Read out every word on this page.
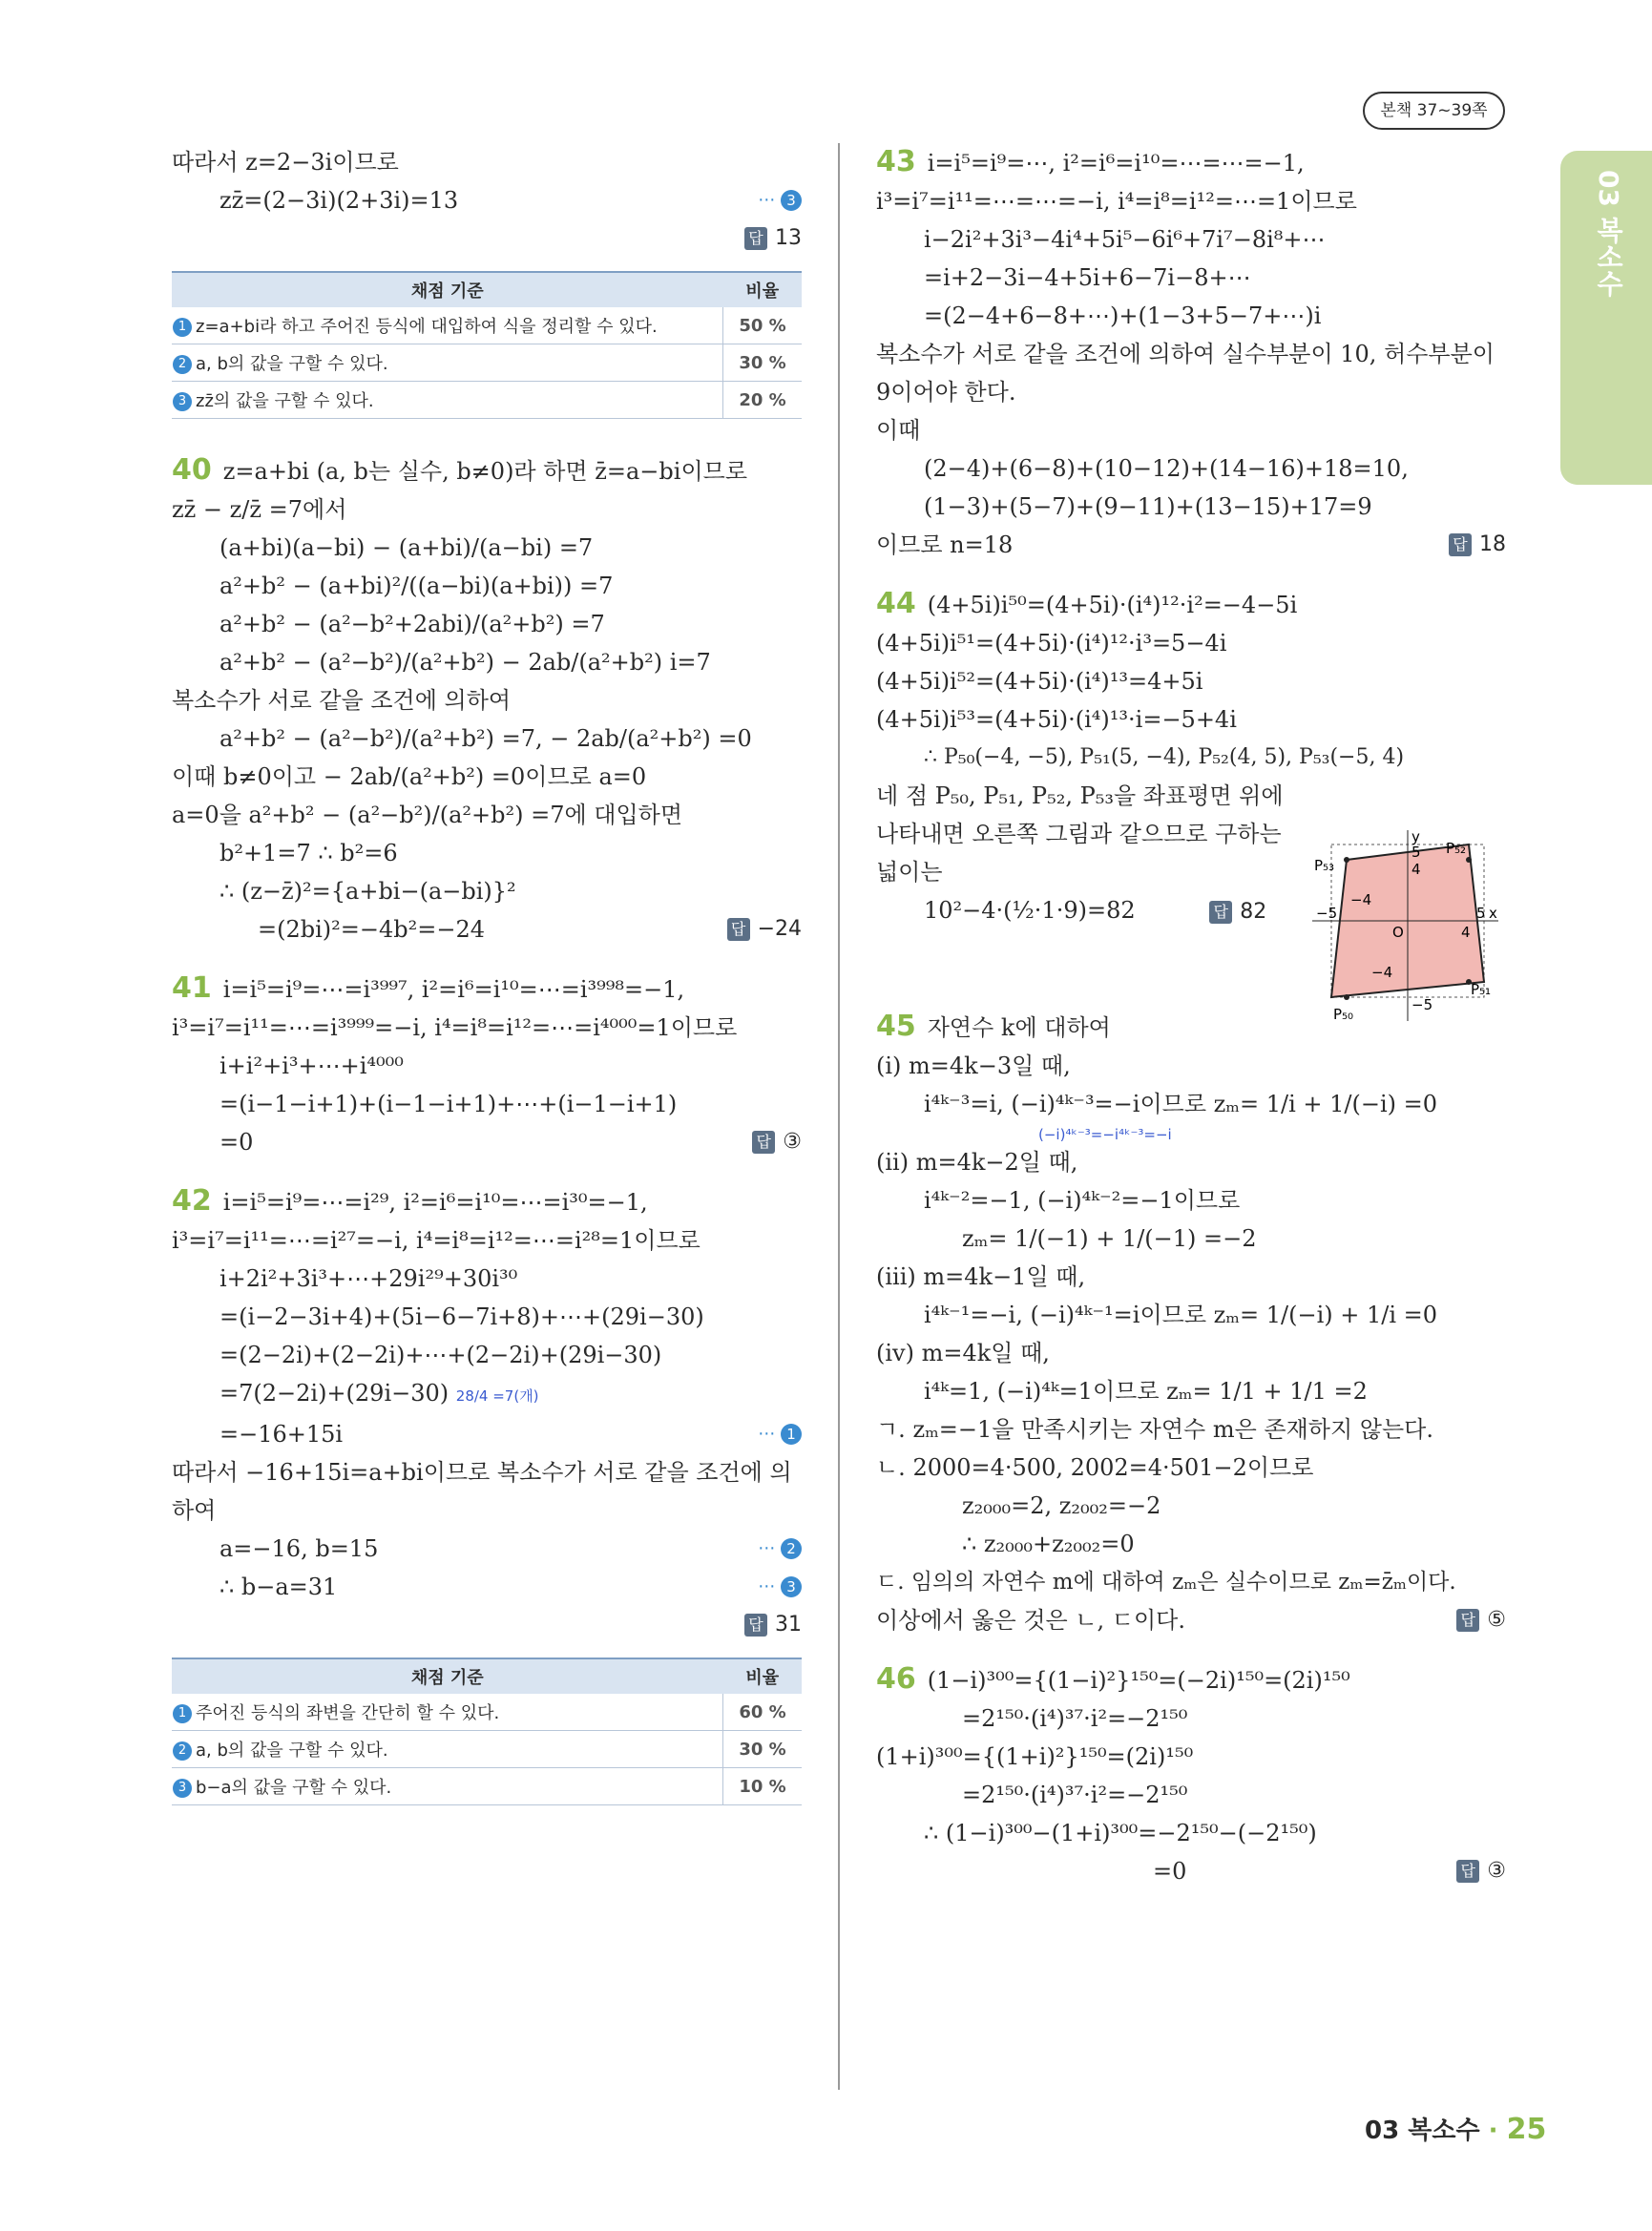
본책 37~39쪽
03 복소수
따라서 z=2−3i이므로
zz̄=(2−3i)(2+3i)=13	⋯ 3
답 13
채점 기준	비율
1 z=a+bi라 하고 주어진 등식에 대입하여 식을 정리할 수 있다.	50 %
2 a, b의 값을 구할 수 있다.	30 %
3 zz̄의 값을 구할 수 있다.	20 %
40 z=a+bi (a, b는 실수, b≠0)라 하면 z̄=a−bi이므로
zz̄ − z/z̄ =7에서
(a+bi)(a−bi) − (a+bi)/(a−bi) =7
a²+b² − (a+bi)²/((a−bi)(a+bi)) =7
a²+b² − (a²−b²+2abi)/(a²+b²) =7
a²+b² − (a²−b²)/(a²+b²) − 2ab/(a²+b²) i=7
복소수가 서로 같을 조건에 의하여
a²+b² − (a²−b²)/(a²+b²) =7, − 2ab/(a²+b²) =0
이때 b≠0이고 − 2ab/(a²+b²) =0이므로 a=0
a=0을 a²+b² − (a²−b²)/(a²+b²) =7에 대입하면
b²+1=7 ∴ b²=6
∴ (z−z̄)²={a+bi−(a−bi)}²
=(2bi)²=−4b²=−24	답 −24
41 i=i⁵=i⁹=⋯=i³⁹⁹⁷, i²=i⁶=i¹⁰=⋯=i³⁹⁹⁸=−1,
i³=i⁷=i¹¹=⋯=i³⁹⁹⁹=−i, i⁴=i⁸=i¹²=⋯=i⁴⁰⁰⁰=1이므로
i+i²+i³+⋯+i⁴⁰⁰⁰
=(i−1−i+1)+(i−1−i+1)+⋯+(i−1−i+1)
=0	답 ③
42 i=i⁵=i⁹=⋯=i²⁹, i²=i⁶=i¹⁰=⋯=i³⁰=−1,
i³=i⁷=i¹¹=⋯=i²⁷=−i, i⁴=i⁸=i¹²=⋯=i²⁸=1이므로
i+2i²+3i³+⋯+29i²⁹+30i³⁰
=(i−2−3i+4)+(5i−6−7i+8)+⋯+(29i−30)
=(2−2i)+(2−2i)+⋯+(2−2i)+(29i−30)
=7(2−2i)+(29i−30) 28/4 =7(개)
=−16+15i	⋯ 1
따라서 −16+15i=a+bi이므로 복소수가 서로 같을 조건에 의
하여
a=−16, b=15	⋯ 2
∴ b−a=31	⋯ 3
답 31
채점 기준	비율
1 주어진 등식의 좌변을 간단히 할 수 있다.	60 %
2 a, b의 값을 구할 수 있다.	30 %
3 b−a의 값을 구할 수 있다.	10 %
43 i=i⁵=i⁹=⋯, i²=i⁶=i¹⁰=⋯=⋯=−1,
i³=i⁷=i¹¹=⋯=⋯=−i, i⁴=i⁸=i¹²=⋯=1이므로
i−2i²+3i³−4i⁴+5i⁵−6i⁶+7i⁷−8i⁸+⋯
=i+2−3i−4+5i+6−7i−8+⋯
=(2−4+6−8+⋯)+(1−3+5−7+⋯)i
복소수가 서로 같을 조건에 의하여 실수부분이 10, 허수부분이
9이어야 한다.
이때
(2−4)+(6−8)+(10−12)+(14−16)+18=10,
(1−3)+(5−7)+(9−11)+(13−15)+17=9
이므로 n=18	답 18
44 (4+5i)i⁵⁰=(4+5i)·(i⁴)¹²·i²=−4−5i
(4+5i)i⁵¹=(4+5i)·(i⁴)¹²·i³=5−4i
(4+5i)i⁵²=(4+5i)·(i⁴)¹³=4+5i
(4+5i)i⁵³=(4+5i)·(i⁴)¹³·i=−5+4i
∴ P₅₀(−4, −5), P₅₁(5, −4), P₅₂(4, 5), P₅₃(−5, 4)
네 점 P₅₀, P₅₁, P₅₂, P₅₃을 좌표평면 위에
나타내면 오른쪽 그림과 같으므로 구하는
넓이는
10²−4·(½·1·9)=82	답 82
45 자연수 k에 대하여
(i) m=4k−3일 때,
i⁴ᵏ⁻³=i, (−i)⁴ᵏ⁻³=−i이므로 zₘ= 1/i + 1/(−i) =0
(−i)⁴ᵏ⁻³=−i⁴ᵏ⁻³=−i
(ii) m=4k−2일 때,
i⁴ᵏ⁻²=−1, (−i)⁴ᵏ⁻²=−1이므로
zₘ= 1/(−1) + 1/(−1) =−2
(iii) m=4k−1일 때,
i⁴ᵏ⁻¹=−i, (−i)⁴ᵏ⁻¹=i이므로 zₘ= 1/(−i) + 1/i =0
(iv) m=4k일 때,
i⁴ᵏ=1, (−i)⁴ᵏ=1이므로 zₘ= 1/1 + 1/1 =2
ㄱ. zₘ=−1을 만족시키는 자연수 m은 존재하지 않는다.
ㄴ. 2000=4·500, 2002=4·501−2이므로
z₂₀₀₀=2, z₂₀₀₂=−2
∴ z₂₀₀₀+z₂₀₀₂=0
ㄷ. 임의의 자연수 m에 대하여 zₘ은 실수이므로 zₘ=z̄ₘ이다.
이상에서 옳은 것은 ㄴ, ㄷ이다.	답 ⑤
46 (1−i)³⁰⁰={(1−i)²}¹⁵⁰=(−2i)¹⁵⁰=(2i)¹⁵⁰
=2¹⁵⁰·(i⁴)³⁷·i²=−2¹⁵⁰
(1+i)³⁰⁰={(1+i)²}¹⁵⁰=(2i)¹⁵⁰
=2¹⁵⁰·(i⁴)³⁷·i²=−2¹⁵⁰
∴ (1−i)³⁰⁰−(1+i)³⁰⁰=−2¹⁵⁰−(−2¹⁵⁰)
=0	답 ③
y
x
O
P₅₂
P₅₃
P₅₁
P₅₀
5
4
−4
−5
4
5
−4
−5
03 복소수 · 25
